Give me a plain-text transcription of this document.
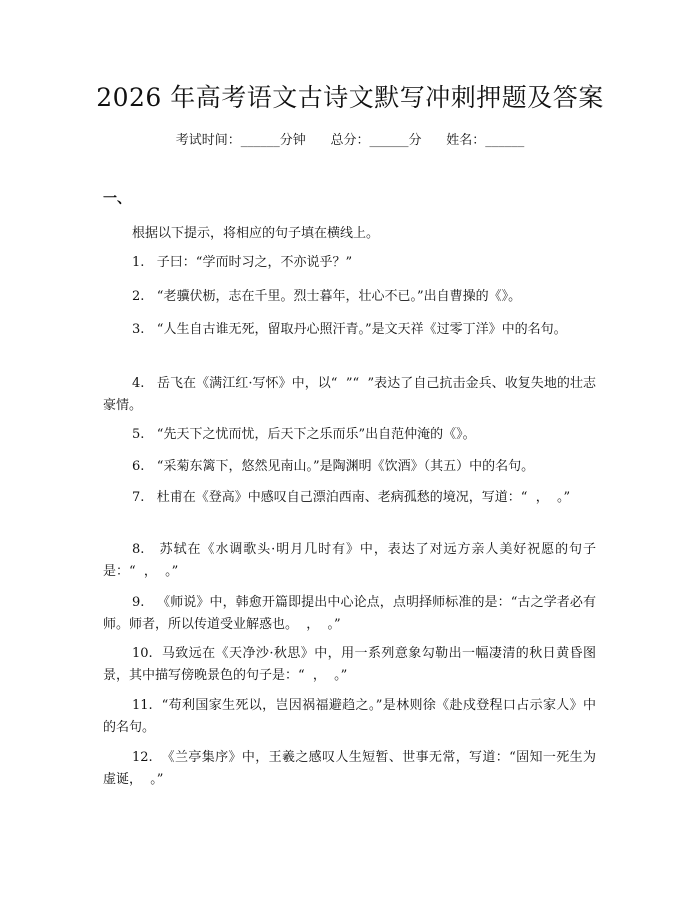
2026 年高考语文古诗文默写冲刺押题及答案
考试时间：______分钟      总分：______分      姓名：______
一、
根据以下提示，将相应的句子填在横线上。
1.   子曰：“学而时习之，不亦说乎？”
2.   “老骥伏枥，志在千里。烈士暮年，壮心不已。”出自曹操的《》。
3.   “人生自古谁无死，留取丹心照汗青。”是文天祥《过零丁洋》中的名句。
4.   岳飞在《满江红·写怀》中，以“  ”“  ”表达了自己抗击金兵、收复失地的壮志豪情。
5.   “先天下之忧而忧，后天下之乐而乐”出自范仲淹的《》。
6.   “采菊东篱下，悠然见南山。”是陶渊明《饮酒》（其五）中的名句。
7.   杜甫在《登高》中感叹自己漂泊西南、老病孤愁的境况，写道：“  ，  。”
8.   苏轼在《水调歌头·明月几时有》中，表达了对远方亲人美好祝愿的句子是：“  ，  。”
9.   《师说》中，韩愈开篇即提出中心论点，点明择师标准的是：“古之学者必有师。师者，所以传道受业解惑也。  ，  。”
10.  马致远在《天净沙·秋思》中，用一系列意象勾勒出一幅凄清的秋日黄昏图景，其中描写傍晚景色的句子是：“  ，  。”
11.  “苟利国家生死以，岂因祸福避趋之。”是林则徐《赴戍登程口占示家人》中的名句。
12.  《兰亭集序》中，王羲之感叹人生短暂、世事无常，写道：“固知一死生为虚诞，  。”
